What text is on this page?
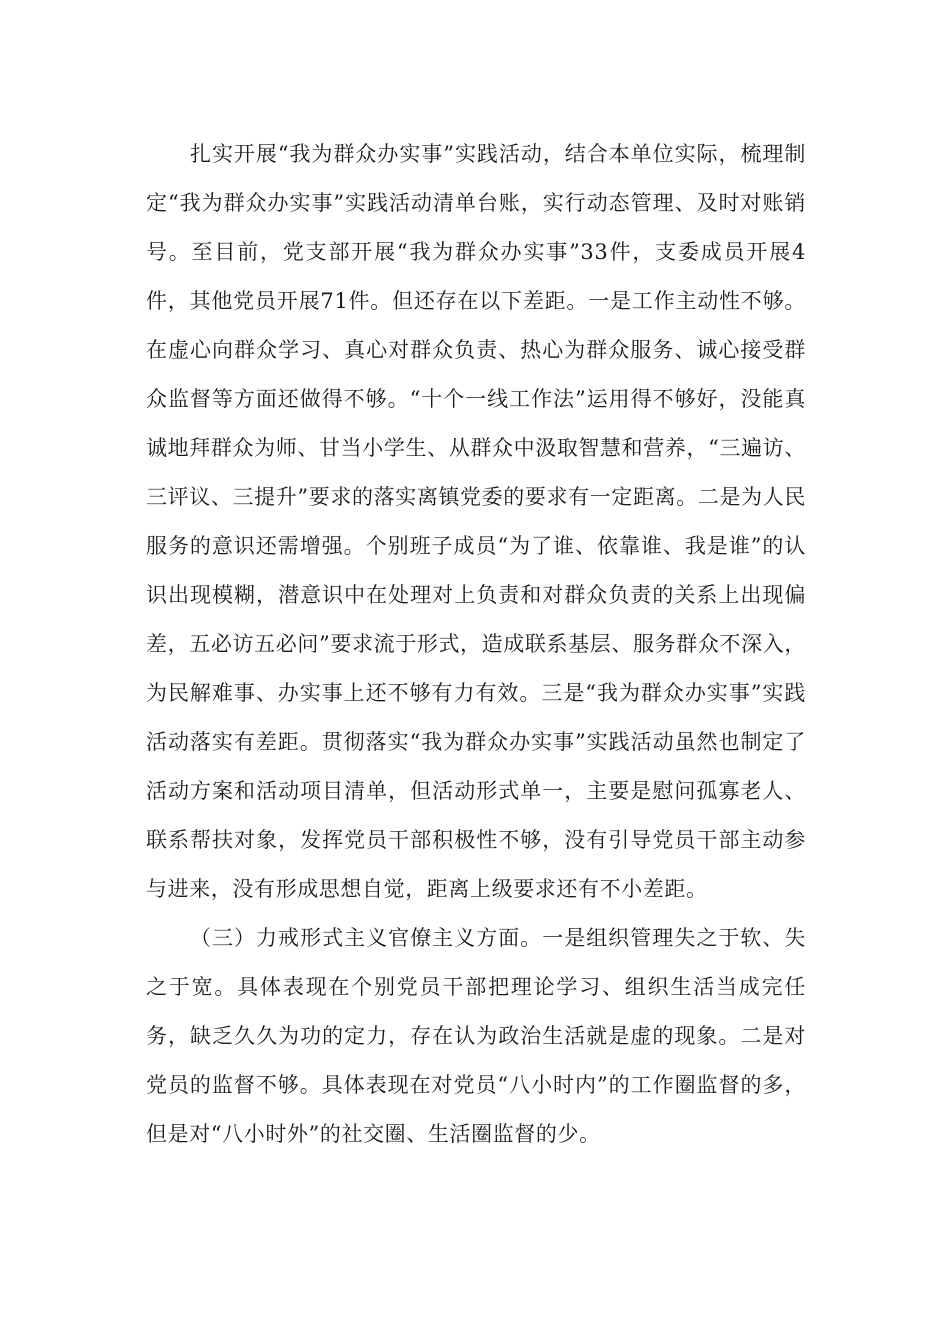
扎实开展“我为群众办实事”实践活动，结合本单位实际，梳理制定“我为群众办实事”实践活动清单台账，实行动态管理、及时对账销号。至目前，党支部开展“我为群众办实事”33件，支委成员开展4件，其他党员开展71件。但还存在以下差距。一是工作主动性不够。在虚心向群众学习、真心对群众负责、热心为群众服务、诚心接受群众监督等方面还做得不够。“十个一线工作法”运用得不够好，没能真诚地拜群众为师、甘当小学生、从群众中汲取智慧和营养，“三遍访、三评议、三提升”要求的落实离镇党委的要求有一定距离。二是为人民服务的意识还需增强。个别班子成员“为了谁、依靠谁、我是谁”的认识出现模糊，潜意识中在处理对上负责和对群众负责的关系上出现偏差，五必访五必问”要求流于形式，造成联系基层、服务群众不深入，为民解难事、办实事上还不够有力有效。三是“我为群众办实事”实践活动落实有差距。贯彻落实“我为群众办实事”实践活动虽然也制定了活动方案和活动项目清单，但活动形式单一，主要是慰问孤寡老人、联系帮扶对象，发挥党员干部积极性不够，没有引导党员干部主动参与进来，没有形成思想自觉，距离上级要求还有不小差距。

（三）力戒形式主义官僚主义方面。一是组织管理失之于软、失之于宽。具体表现在个别党员干部把理论学习、组织生活当成完任务，缺乏久久为功的定力，存在认为政治生活就是虚的现象。二是对党员的监督不够。具体表现在对党员“八小时内”的工作圈监督的多，但是对“八小时外”的社交圈、生活圈监督的少。
